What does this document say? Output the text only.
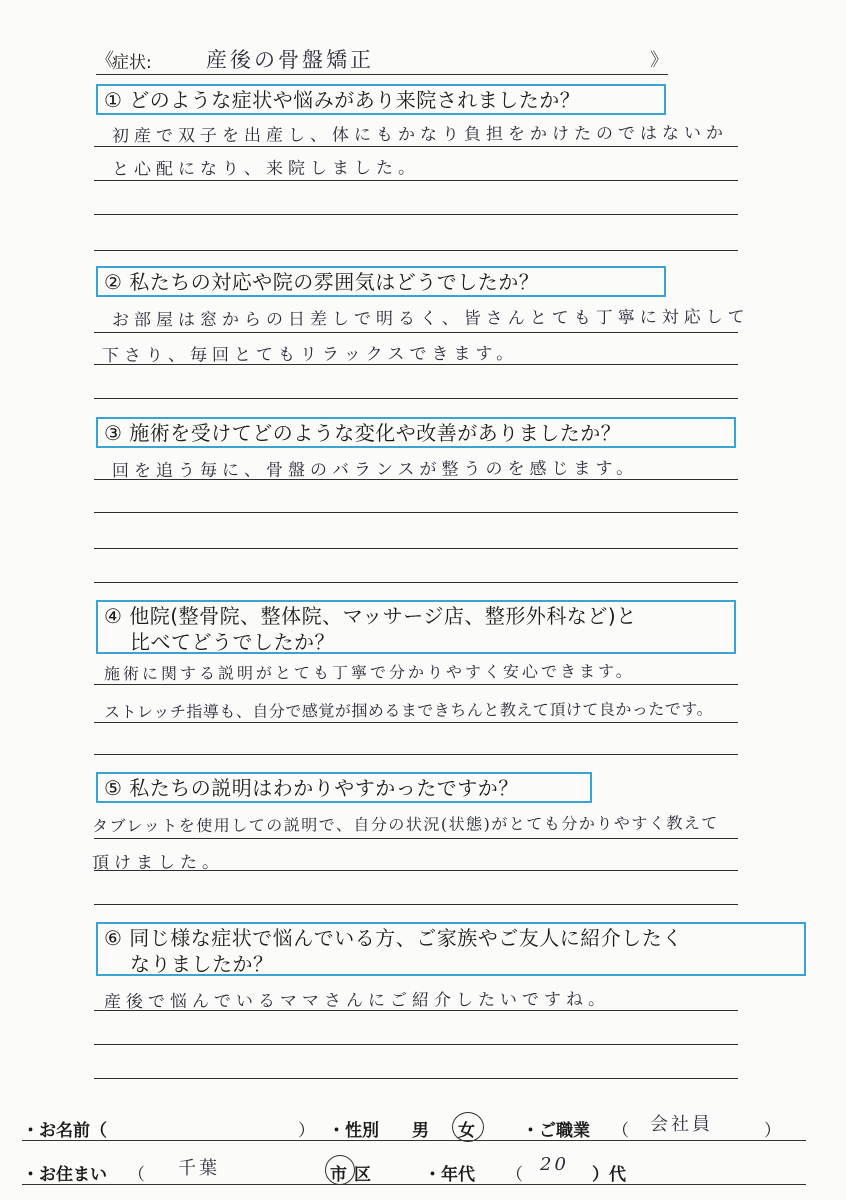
《
症状:	産後の骨盤矯正	》
① どのような症状や悩みがあり来院されましたか？
初産で双子を出産し、体にもかなり負担をかけたのではないか
と心配になり、来院しました。
② 私たちの対応や院の雰囲気はどうでしたか？
お部屋は窓からの日差しで明るく、皆さんとても丁寧に対応して
下さり、毎回とてもリラックスできます。
③ 施術を受けてどのような変化や改善がありましたか？
回を追う毎に、骨盤のバランスが整うのを感じます。
④ 他院(整骨院、整体院、マッサージ店、整形外科など)と
比べてどうでしたか？
施術に関する説明がとても丁寧で分かりやすく安心できます。
ストレッチ指導も、自分で感覚が掴めるまできちんと教えて頂けて良かったです。
⑤ 私たちの説明はわかりやすかったですか？
タブレットを使用しての説明で、自分の状況(状態)がとても分かりやすく教えて
頂けました。
⑥ 同じ様な症状で悩んでいる方、ご家族やご友人に紹介したく
なりましたか？
産後で悩んでいるママさんにご紹介したいですね。
・お名前（	） ・性別 男 女	・ご職業 （ 会社員	）
・お住まい （ 千葉	市 区	・年代 （ 20 ）代
